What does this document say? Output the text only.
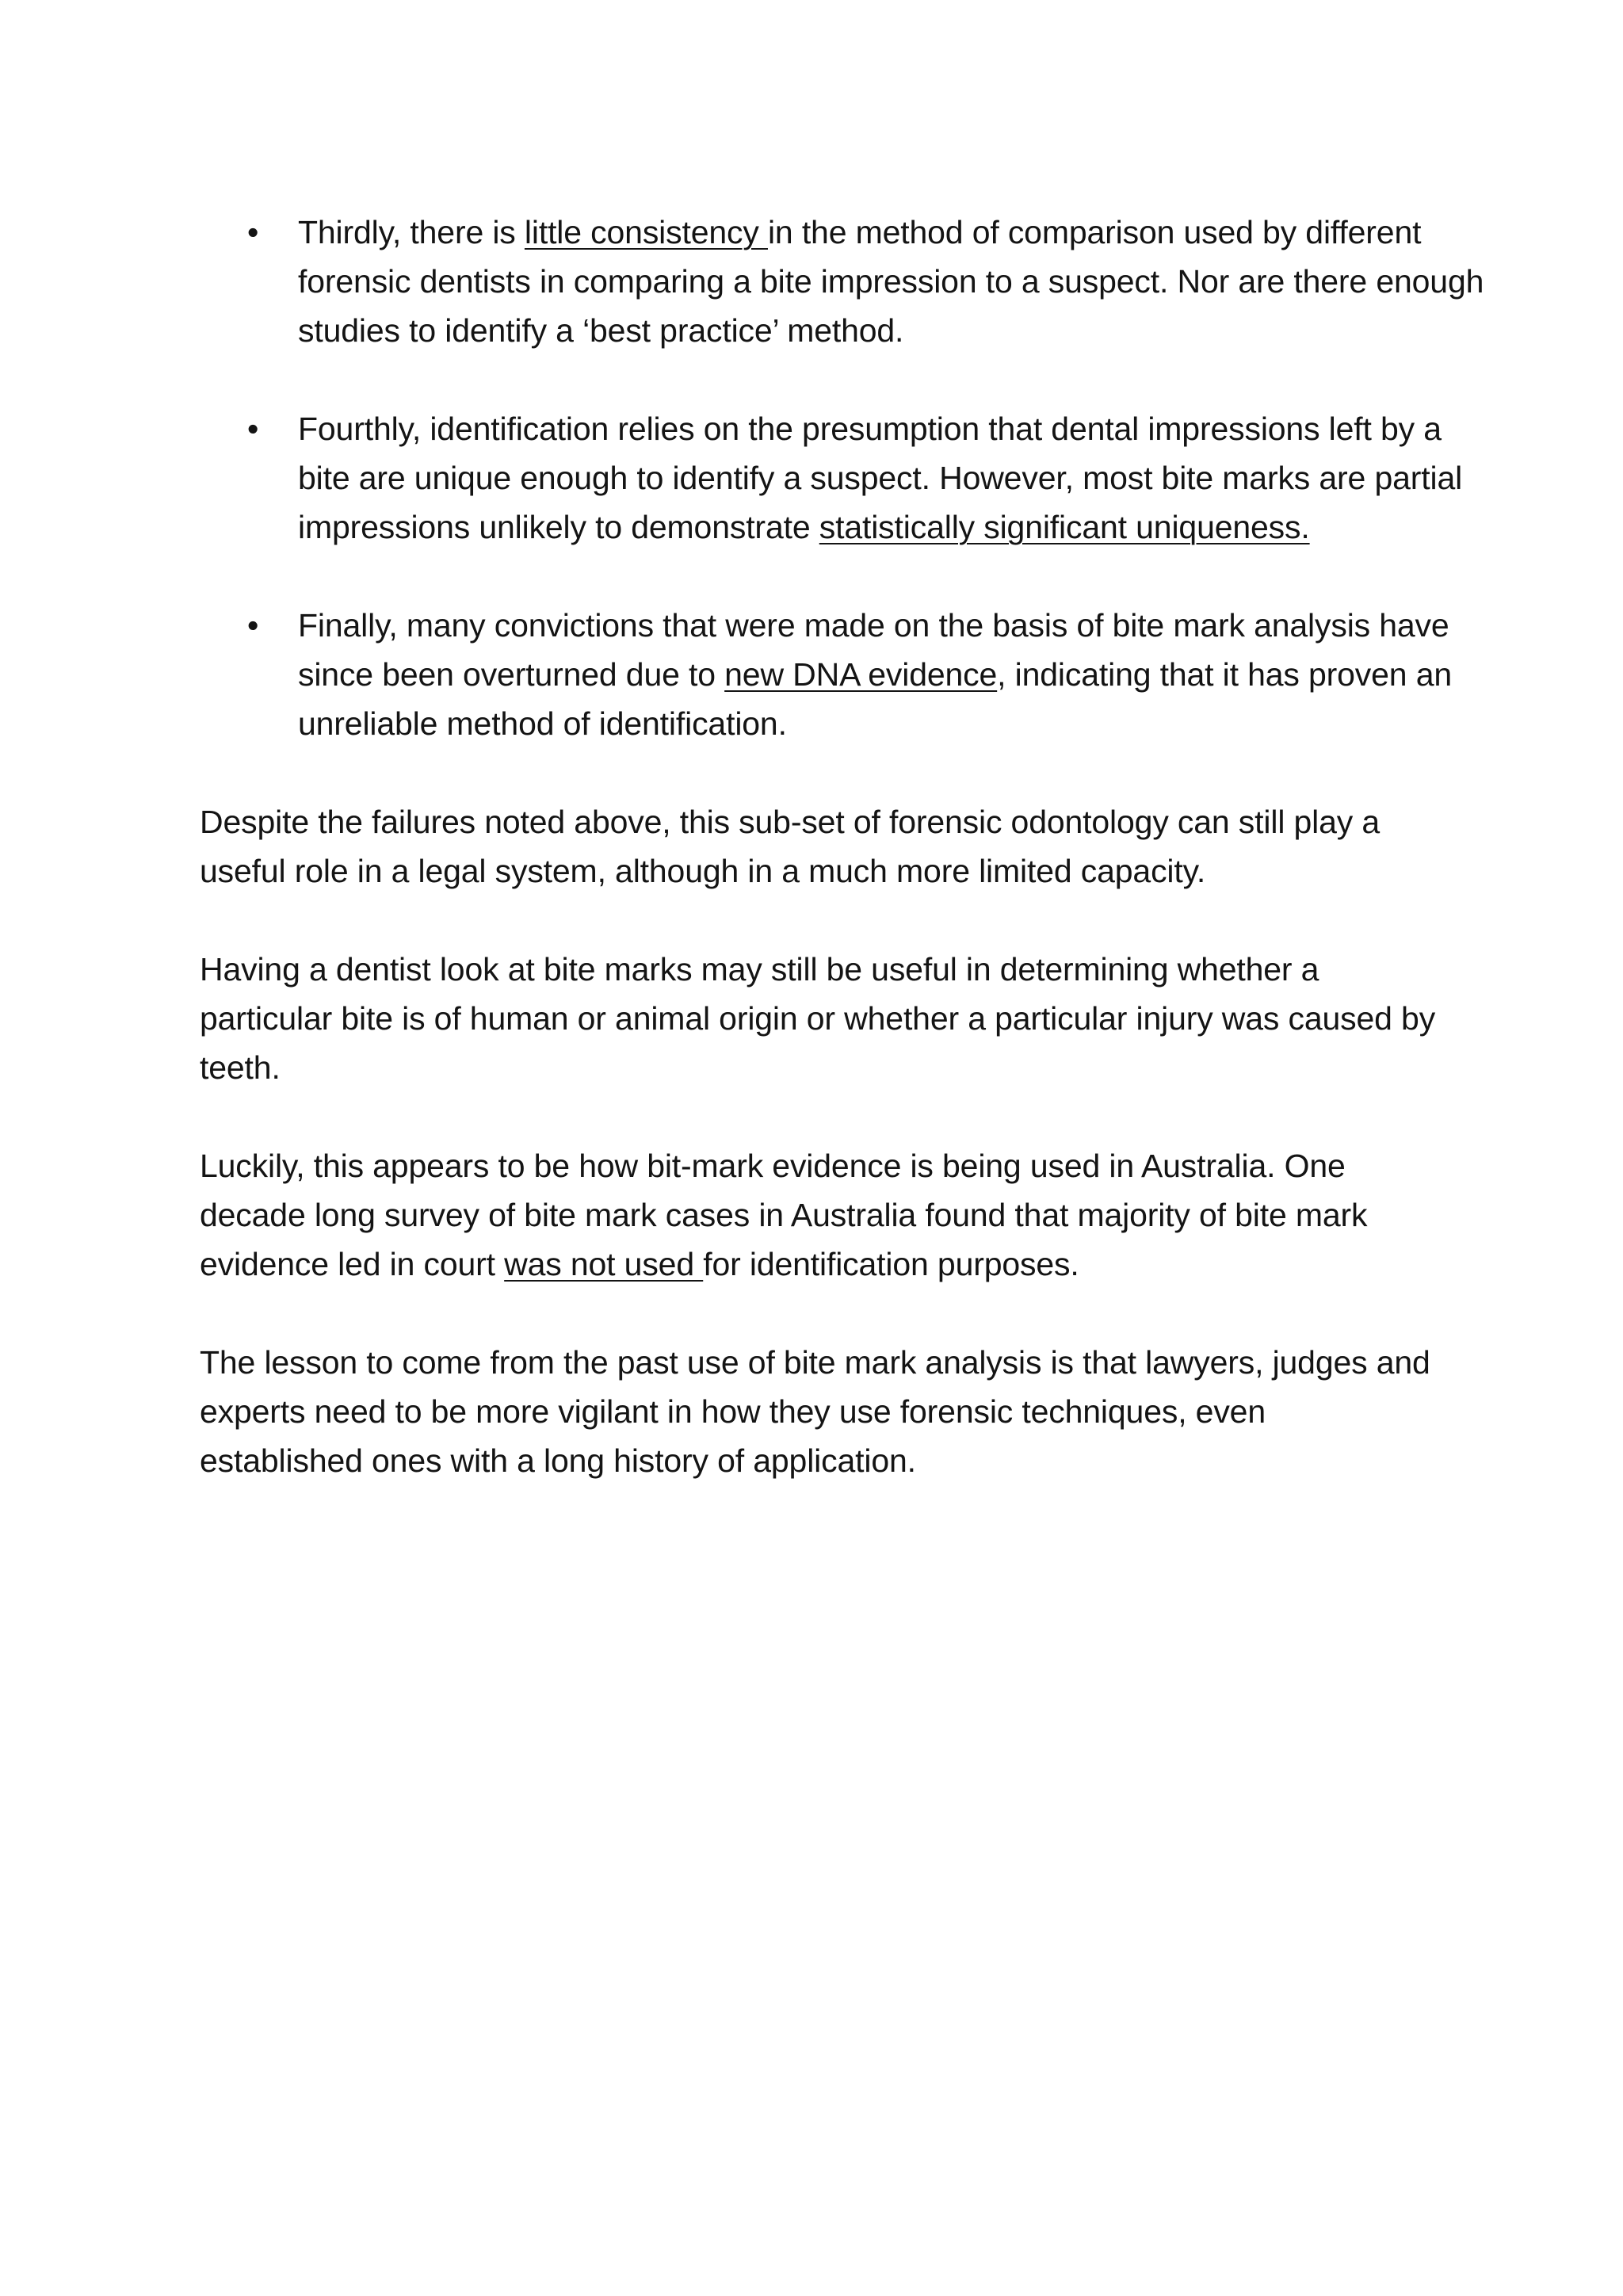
• Thirdly, there is little consistency in the method of comparison used by different forensic dentists in comparing a bite impression to a suspect. Nor are there enough studies to identify a ‘best practice’ method.
• Fourthly, identification relies on the presumption that dental impressions left by a bite are unique enough to identify a suspect. However, most bite marks are partial impressions unlikely to demonstrate statistically significant uniqueness.
• Finally, many convictions that were made on the basis of bite mark analysis have since been overturned due to new DNA evidence, indicating that it has proven an unreliable method of identification.

Despite the failures noted above, this sub-set of forensic odontology can still play a useful role in a legal system, although in a much more limited capacity.

Having a dentist look at bite marks may still be useful in determining whether a particular bite is of human or animal origin or whether a particular injury was caused by teeth.

Luckily, this appears to be how bit-mark evidence is being used in Australia. One decade long survey of bite mark cases in Australia found that majority of bite mark evidence led in court was not used for identification purposes.

The lesson to come from the past use of bite mark analysis is that lawyers, judges and experts need to be more vigilant in how they use forensic techniques, even established ones with a long history of application.
